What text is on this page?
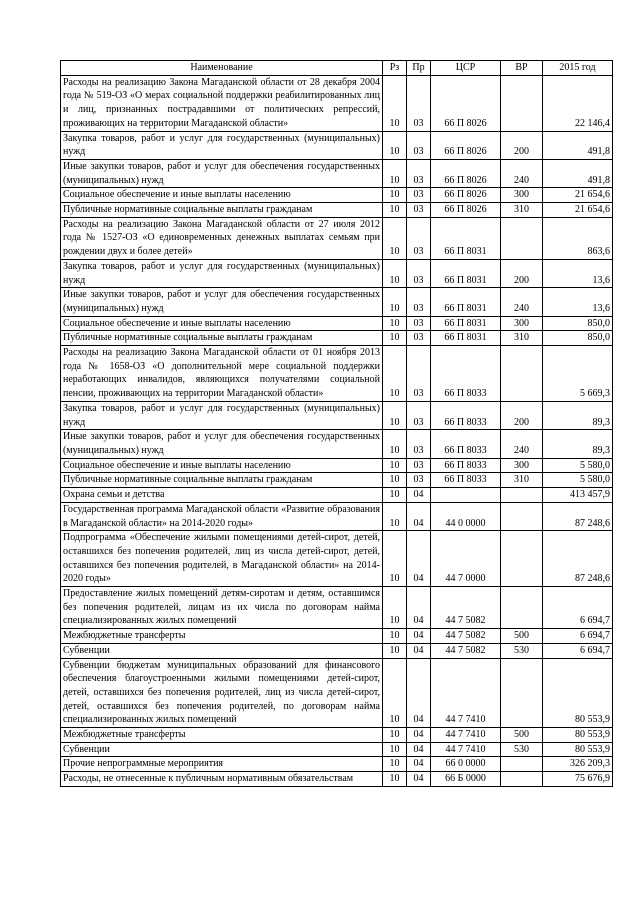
Наименование	Рз	Пр	ЦСР	ВР	2015 год
Расходы на реализацию Закона Магаданской области от 28 декабря 2004 года № 519-ОЗ «О мерах социальной поддержки реабилитированных лиц и лиц, признанных пострадавшими от политических репрессий, проживающих на территории Магаданской области»	10	03	66 П 8026		22 146,4
Закупка товаров, работ и услуг для государственных (муниципальных) нужд	10	03	66 П 8026	200	491,8
Иные закупки товаров, работ и услуг для обеспечения государственных (муниципальных) нужд	10	03	66 П 8026	240	491,8
Социальное обеспечение и иные выплаты населению	10	03	66 П 8026	300	21 654,6
Публичные нормативные социальные выплаты гражданам	10	03	66 П 8026	310	21 654,6
Расходы на реализацию Закона Магаданской области от 27 июля 2012 года № 1527-ОЗ «О единовременных денежных выплатах семьям при рождении двух и более детей»	10	03	66 П 8031		863,6
Закупка товаров, работ и услуг для государственных (муниципальных) нужд	10	03	66 П 8031	200	13,6
Иные закупки товаров, работ и услуг для обеспечения государственных (муниципальных) нужд	10	03	66 П 8031	240	13,6
Социальное обеспечение и иные выплаты населению	10	03	66 П 8031	300	850,0
Публичные нормативные социальные выплаты гражданам	10	03	66 П 8031	310	850,0
Расходы на реализацию Закона Магаданской области от 01 ноября 2013 года № 1658-ОЗ «О дополнительной мере социальной поддержки неработающих инвалидов, являющихся получателями социальной пенсии, проживающих на территории Магаданской области»	10	03	66 П 8033		5 669,3
Закупка товаров, работ и услуг для государственных (муниципальных) нужд	10	03	66 П 8033	200	89,3
Иные закупки товаров, работ и услуг для обеспечения государственных (муниципальных) нужд	10	03	66 П 8033	240	89,3
Социальное обеспечение и иные выплаты населению	10	03	66 П 8033	300	5 580,0
Публичные нормативные социальные выплаты гражданам	10	03	66 П 8033	310	5 580,0
Охрана семьи и детства	10	04			413 457,9
Государственная программа Магаданской области «Развитие образования в Магаданской области» на 2014-2020 годы»	10	04	44 0 0000		87 248,6
Подпрограмма «Обеспечение жилыми помещениями детей-сирот, детей, оставшихся без попечения родителей, лиц из числа детей-сирот, детей, оставшихся без попечения родителей, в Магаданской области» на 2014-2020 годы»	10	04	44 7 0000		87 248,6
Предоставление жилых помещений детям-сиротам и детям, оставшимся без попечения родителей, лицам из их числа по договорам найма специализированных жилых помещений	10	04	44 7 5082		6 694,7
Межбюджетные трансферты	10	04	44 7 5082	500	6 694,7
Субвенции	10	04	44 7 5082	530	6 694,7
Субвенции бюджетам муниципальных образований для финансового обеспечения благоустроенными жилыми помещениями детей-сирот, детей, оставшихся без попечения родителей, лиц из числа детей-сирот, детей, оставшихся без попечения родителей, по договорам найма специализированных жилых помещений	10	04	44 7 7410		80 553,9
Межбюджетные трансферты	10	04	44 7 7410	500	80 553,9
Субвенции	10	04	44 7 7410	530	80 553,9
Прочие непрограммные мероприятия	10	04	66 0 0000		326 209,3
Расходы, не отнесенные к публичным нормативным обязательствам	10	04	66 Б 0000		75 676,9
